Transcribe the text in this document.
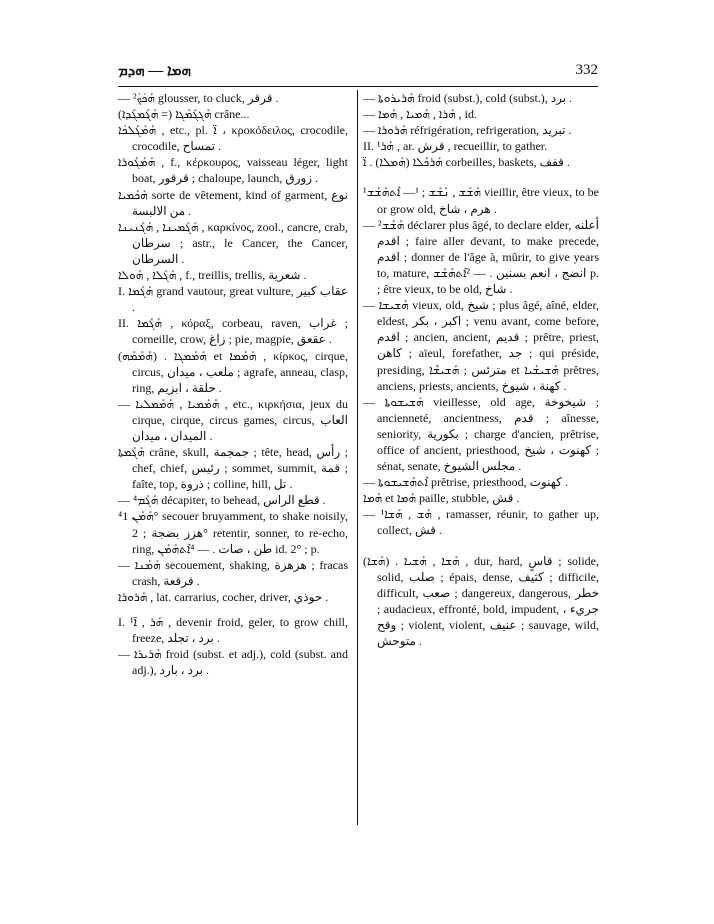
ܗܡܐ — ܗܕܡ	332

— ²ܗܰܟ̇ܟ̇ glousser, to cluck, قرقر .

ܗܰܓܓܰܡܰܓܐ (= ܗܰܓܰܡܓܰܕܐ) crâne...

ܗܰܡܰܓܰܠܟ̇ܐ , etc., pl. ܐ̈ ، κροκόδειλος, crocodile, crocodile, تمساح .

ܗܰܡܰܓܰܘܪܐ , f., κέρκουρος, vaisseau léger, light boat, قرقور ; chaloupe, launch, زورق .

ܗܰܟܰܡܝܐ sorte de vêtement, kind of garment, نوع من الالبسة .

ܗܰܓܰܡܝܢܐ , ܗܰܓܰܢܝܢܐ , καρκίνος, zool., cancre, crab, سرطان ; astr., le Cancer, the Cancer, السرطان .

ܗܰܓܰܠܐ , ܗܰܘܠܐ , f., treillis, trellis, شعرية .

I. ܗܰܓܰܡܐ grand vautour, great vulture, عقاب كبير .

II. ܗܰܓܰܡܐ , κόραξ, corbeau, raven, غراب ; corneille, crow, زاغ ; pie, magpie, عقعق .

(ܗܰܡܰܡܰܗ) . ܗܰܡܰܡܓܐ et ܗܰܡܰܡܐ , κίρκος, cirque, circus, ملعب ، ميدان ; agrafe, anneau, clasp, ring, حلقة ، ابزيم .

— ܗܰܡܰܡܝܐ , ܗܰܡܰܡܠܝܐ , etc., κιρκήσια, jeux du cirque, cirque, circus games, circus, العاب الميدان ، ميدان .

ܗܰܓܰܡܬܐ crâne, skull, جمجمة ; tête, head, رأس ; chef, chief, رئيس ; sommet, summit, قمة ; faîte, top, ذروة ; colline, hill, تل .

— ⁴ܗܰܓܰܡ décapiter, to behead, قطع الراس .

⁴ܗܰܡܰܢ 1° secouer bruyamment, to shake noisily, هزز بضجة ; 2° retentir, sonner, to re-echo, ring, طن ، صات . — ⁴ܐܶܬܗܰܡܰܢ id. 2° ; p.

— ܗܰܡܰܢܐ secouement, shaking, هزهزة ; fracas crash, قرقعة .

ܗܰܪܘܪܐ , lat. carrarius, cocher, driver, حوذي .

I. ¹ܗܰܪ , ܐ̈ , devenir froid, geler, to grow chill, freeze, برد ، تجلد .

— ܗܰܪܝܪܐ froid (subst. et adj.), cold (subst. and adj.), برد ، بارد .

— ܗܰܪܝܪܘܬܐ froid (subst.), cold (subst.), برد .

— ܗܰܪܐ , ܗܰܡܝܐ , ܗܰܡܐ , id.

— ܗܰܪܘܪܐ réfrigération, refrigeration, تبريد .

II. ¹ܗܰܪ , ar. قرش , recueillir, to gather.

ܗܰܪܟܰܠܐ (ܗܰܡܠܐ) . ܐ̈ corbeilles, baskets, قفف .

¹ܗܰܫܰܫ , ܢܰܫܰܫ ; ¹— ܐܶܬܗܰܫܰܫ vieillir, être vieux, to be or grow old, هرم ، شاخ .

— ²ܗܰܫܰܫ déclarer plus âgé, to declare elder, أعلنه اقدم ; faire aller devant, to make precede, اقدم ; donner de l'âge à, mûrir, to give years to, mature, انضج ، انعم بسنين . — ²ܐܶܬܗܰܫܰܫ p. ; être vieux, to be old, شاخ .

— ܗܰܫܝܫܐ vieux, old, شيخ ; plus âgé, aîné, elder, eldest, اكبر ، بكر ; venu avant, come before, اقدم ; ancien, ancient, قديم ; prêtre, priest, كاهن ; aïeul, forefather, جد ; qui préside, presiding, مترئس ; ܗܰܫܝܫܶܐ et ܗܰܫܝܫܰܝܐ prêtres, anciens, priests, ancients, كهنة ، شيوخ .

— ܗܰܫܝܫܘܬܐ vieillesse, old age, شيخوخة ; ancienneté, ancientness, قدم ; aînesse, seniority, بكورية ; charge d'ancien, prêtrise, office of ancient, priesthood, كهنوت ، شيخ ; sénat, senate, مجلس الشيوخ .

— ܐܶܬܗܰܫܝܫܘܬܐ prêtrise, priesthood, كهنوت .

ܗܰܡܐ et ܗܰܡܐ paille, stubble, قش .

— ¹ܗܰܫ , ܗܰܫܐ , ramasser, réunir, to gather up, collect, قش .

(ܗܰܫܐ) . ܗܰܫܐ , ܗܰܫܝܐ , dur, hard, قاسٍ ; solide, solid, صلب ; épais, dense, كثيف ; difficile, difficult, صعب ; dangereux, dangerous, خطر ; audacieux, effronté, bold, impudent, جريء ، وقح ; violent, violent, عنيف ; sauvage, wild, متوحش .
